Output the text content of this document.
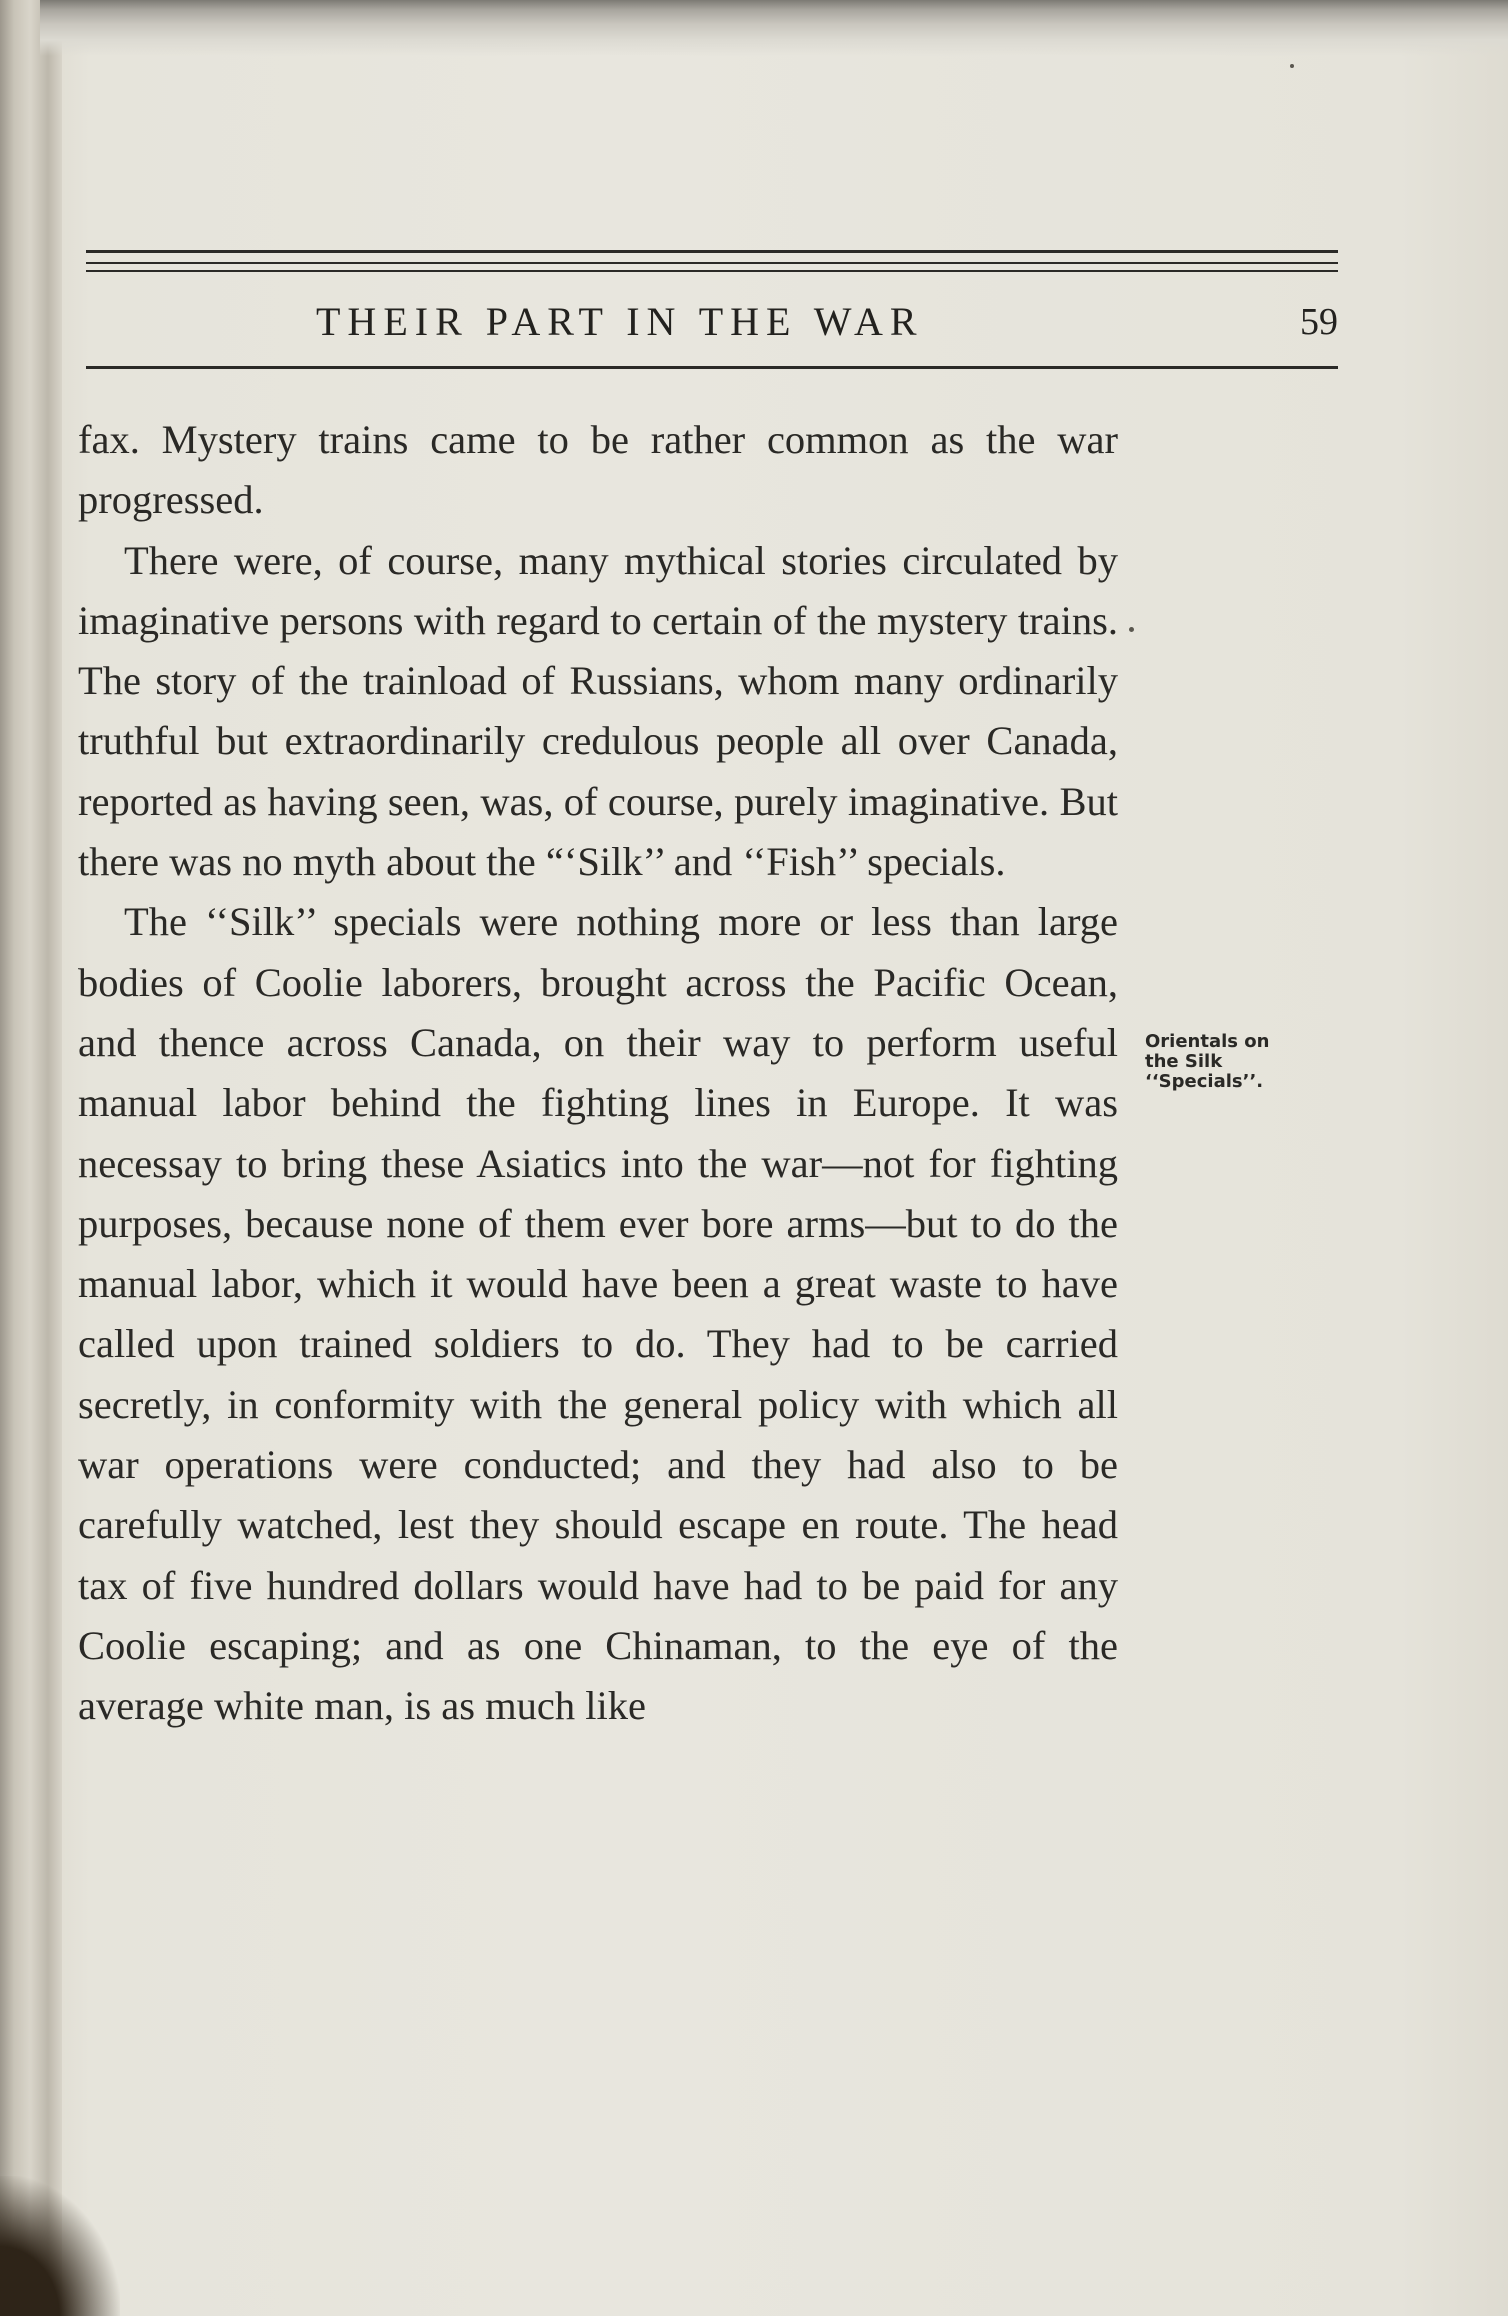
THEIR PART IN THE WAR	59

fax. Mystery trains came to be rather common as the war progressed.

There were, of course, many mythical stories circulated by imaginative persons with regard to certain of the mystery trains. The story of the trainload of Russians, whom many ordinarily truthful but extraordinarily credulous people all over Canada, reported as having seen, was, of course, purely imaginative. But there was no myth about the “‘Silk’’ and ‘‘Fish’’ specials.

The ‘‘Silk’’ specials were nothing more or less than large bodies of Coolie laborers, brought across the Pacific Ocean, and thence across Canada, on their way to perform useful manual labor behind the fighting lines in Europe. It was necessay to bring these Asiatics into the war—not for fighting purposes, because none of them ever bore arms—but to do the manual labor, which it would have been a great waste to have called upon trained soldiers to do. They had to be carried secretly, in conformity with the general policy with which all war operations were conducted; and they had also to be carefully watched, lest they should escape en route. The head tax of five hundred dollars would have had to be paid for any Coolie escaping; and as one Chinaman, to the eye of the average white man, is as much like

Orientals on
the Silk
‘‘Specials’’.
